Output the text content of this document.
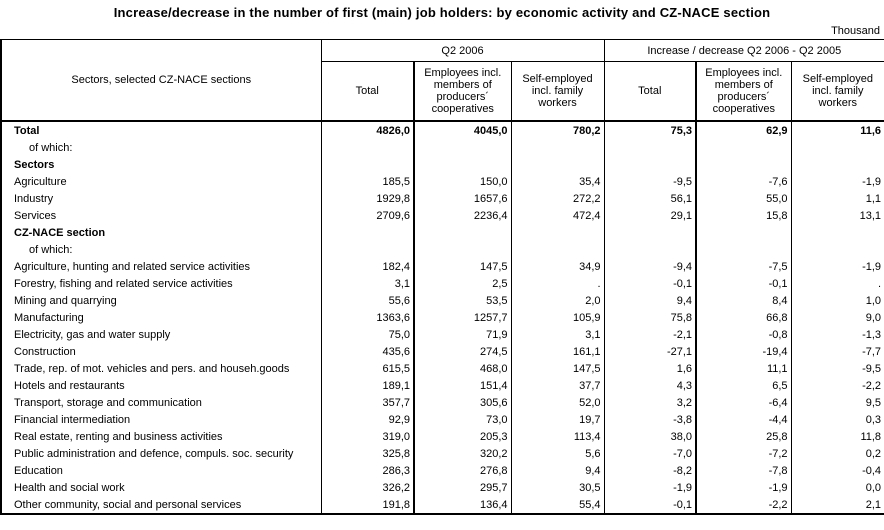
Increase/decrease in the number of first (main) job holders: by economic activity and CZ-NACE section
Thousand
Sectors, selected CZ-NACE sections	Q2 2006			Increase / decrease Q2 2006 - Q2 2005		
	Total	Employees incl. members of producers´ cooperatives	Self-employed incl. family workers	Total	Employees incl. members of producers´ cooperatives	Self-employed incl. family workers
Total	4826,0	4045,0	780,2	75,3	62,9	11,6
of which:						
Sectors						
Agriculture	185,5	150,0	35,4	-9,5	-7,6	-1,9
Industry	1929,8	1657,6	272,2	56,1	55,0	1,1
Services	2709,6	2236,4	472,4	29,1	15,8	13,1
CZ-NACE section						
of which:						
Agriculture, hunting and related service activities	182,4	147,5	34,9	-9,4	-7,5	-1,9
Forestry, fishing and related service activities	3,1	2,5	.	-0,1	-0,1	.
Mining and quarrying	55,6	53,5	2,0	9,4	8,4	1,0
Manufacturing	1363,6	1257,7	105,9	75,8	66,8	9,0
Electricity, gas and water supply	75,0	71,9	3,1	-2,1	-0,8	-1,3
Construction	435,6	274,5	161,1	-27,1	-19,4	-7,7
Trade, rep. of mot. vehicles and pers. and househ.goods	615,5	468,0	147,5	1,6	11,1	-9,5
Hotels and restaurants	189,1	151,4	37,7	4,3	6,5	-2,2
Transport, storage and communication	357,7	305,6	52,0	3,2	-6,4	9,5
Financial intermediation	92,9	73,0	19,7	-3,8	-4,4	0,3
Real estate, renting and business activities	319,0	205,3	113,4	38,0	25,8	11,8
Public administration and defence, compuls. soc. security	325,8	320,2	5,6	-7,0	-7,2	0,2
Education	286,3	276,8	9,4	-8,2	-7,8	-0,4
Health and social work	326,2	295,7	30,5	-1,9	-1,9	0,0
Other community, social and personal services	191,8	136,4	55,4	-0,1	-2,2	2,1
